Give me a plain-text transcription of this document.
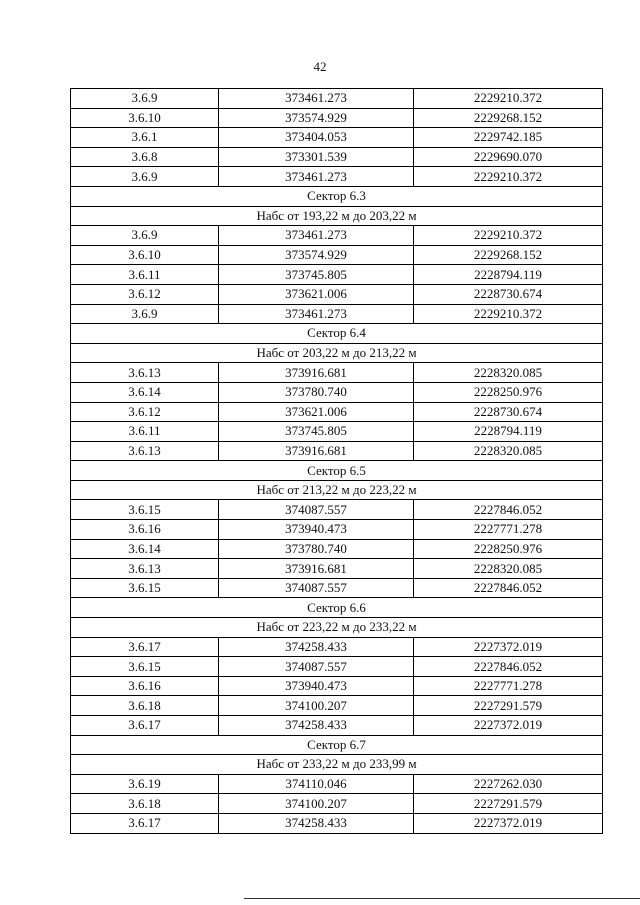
42
3.6.9	373461.273	2229210.372
3.6.10	373574.929	2229268.152
3.6.1	373404.053	2229742.185
3.6.8	373301.539	2229690.070
3.6.9	373461.273	2229210.372
Сектор 6.3		
Набс от 193,22 м до 203,22 м		
3.6.9	373461.273	2229210.372
3.6.10	373574.929	2229268.152
3.6.11	373745.805	2228794.119
3.6.12	373621.006	2228730.674
3.6.9	373461.273	2229210.372
Сектор 6.4		
Набс от 203,22 м до 213,22 м		
3.6.13	373916.681	2228320.085
3.6.14	373780.740	2228250.976
3.6.12	373621.006	2228730.674
3.6.11	373745.805	2228794.119
3.6.13	373916.681	2228320.085
Сектор 6.5		
Набс от 213,22 м до 223,22 м		
3.6.15	374087.557	2227846.052
3.6.16	373940.473	2227771.278
3.6.14	373780.740	2228250.976
3.6.13	373916.681	2228320.085
3.6.15	374087.557	2227846.052
Сектор 6.6		
Набс от 223,22 м до 233,22 м		
3.6.17	374258.433	2227372.019
3.6.15	374087.557	2227846.052
3.6.16	373940.473	2227771.278
3.6.18	374100.207	2227291.579
3.6.17	374258.433	2227372.019
Сектор 6.7		
Набс от 233,22 м до 233,99 м		
3.6.19	374110.046	2227262.030
3.6.18	374100.207	2227291.579
3.6.17	374258.433	2227372.019
